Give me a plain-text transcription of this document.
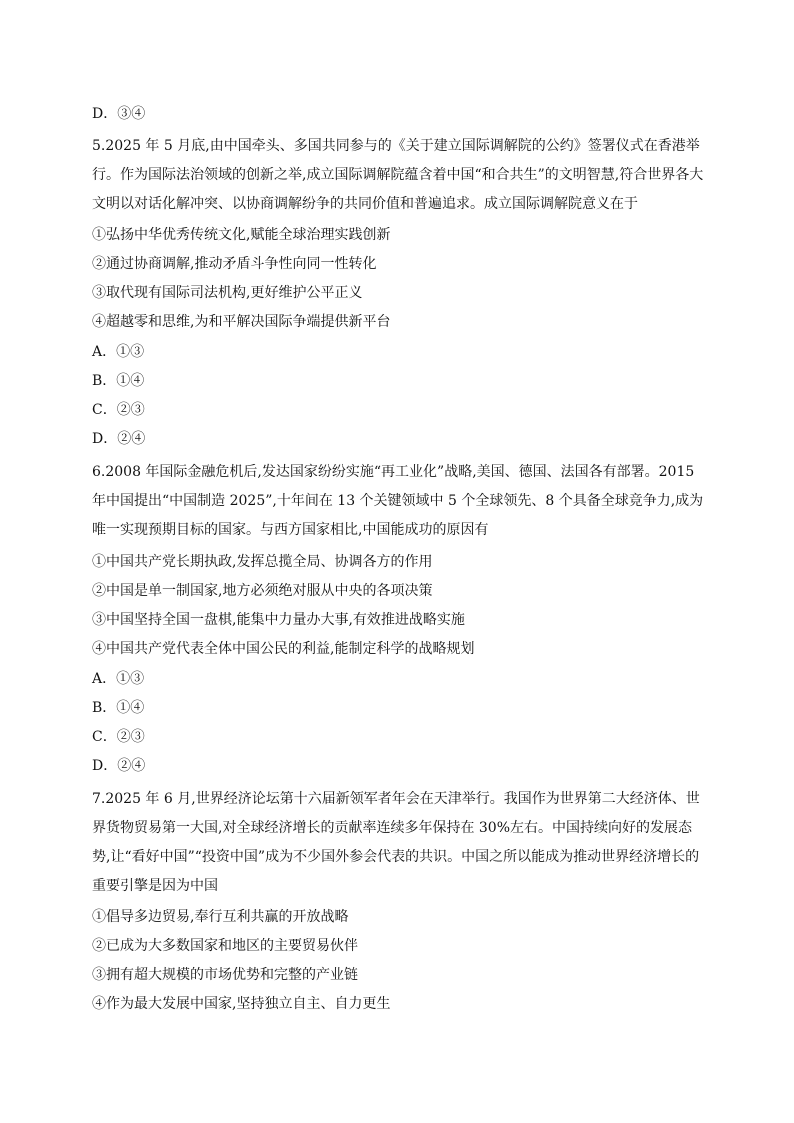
D．③④
5.2025 年 5 月底,由中国牵头、多国共同参与的《关于建立国际调解院的公约》签署仪式在香港举行。作为国际法治领域的创新之举,成立国际调解院蕴含着中国“和合共生”的文明智慧,符合世界各大文明以对话化解冲突、以协商调解纷争的共同价值和普遍追求。成立国际调解院意义在于
①弘扬中华优秀传统文化,赋能全球治理实践创新
②通过协商调解,推动矛盾斗争性向同一性转化
③取代现有国际司法机构,更好维护公平正义
④超越零和思维,为和平解决国际争端提供新平台
A．①③
B．①④
C．②③
D．②④
6.2008 年国际金融危机后,发达国家纷纷实施“再工业化”战略,美国、德国、法国各有部署。2015 年中国提出“中国制造 2025”,十年间在 13 个关键领域中 5 个全球领先、8 个具备全球竞争力,成为唯一实现预期目标的国家。与西方国家相比,中国能成功的原因有
①中国共产党长期执政,发挥总揽全局、协调各方的作用
②中国是单一制国家,地方必须绝对服从中央的各项决策
③中国坚持全国一盘棋,能集中力量办大事,有效推进战略实施
④中国共产党代表全体中国公民的利益,能制定科学的战略规划
A．①③
B．①④
C．②③
D．②④
7.2025 年 6 月,世界经济论坛第十六届新领军者年会在天津举行。我国作为世界第二大经济体、世界货物贸易第一大国,对全球经济增长的贡献率连续多年保持在 30%左右。中国持续向好的发展态势,让“看好中国”“投资中国”成为不少国外参会代表的共识。中国之所以能成为推动世界经济增长的重要引擎是因为中国
①倡导多边贸易,奉行互利共赢的开放战略
②已成为大多数国家和地区的主要贸易伙伴
③拥有超大规模的市场优势和完整的产业链
④作为最大发展中国家,坚持独立自主、自力更生
